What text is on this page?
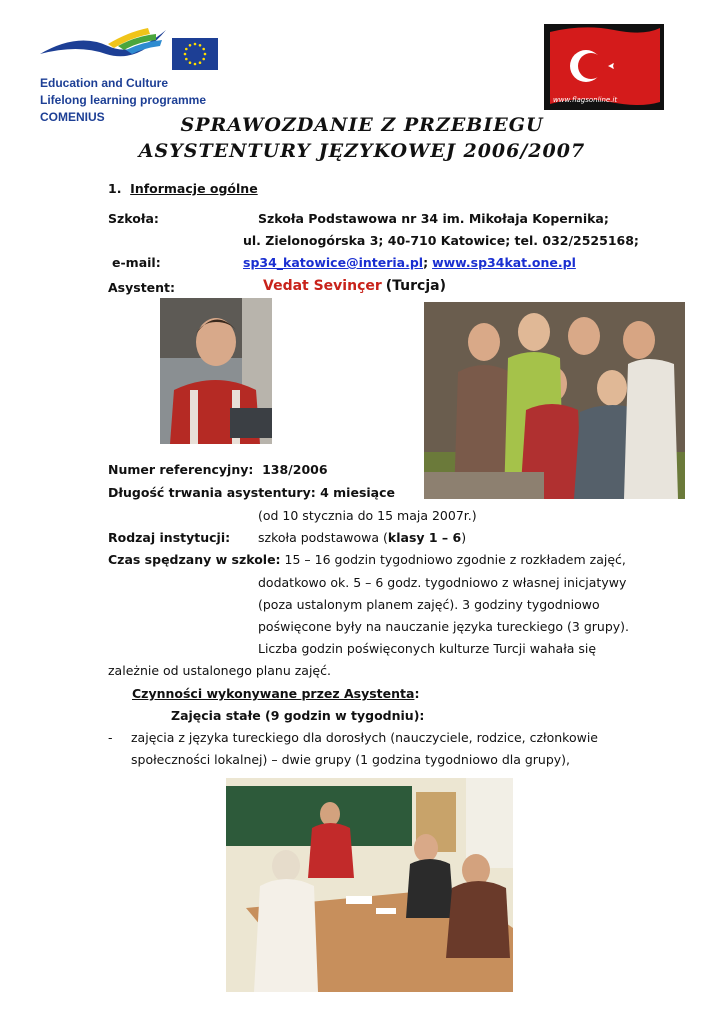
Education and Culture
Lifelong learning programme
COMENIUS
www.flagsonline.it
SPRAWOZDANIE Z PRZEBIEGU
ASYSTENTURY JĘZYKOWEJ 2006/2007
1. Informacje ogólne
Szkoła:	Szkoła Podstawowa nr 34 im. Mikołaja Kopernika;
ul. Zielonogórska 3; 40-710 Katowice; tel. 032/2525168;
e-mail:	sp34_katowice@interia.pl; www.sp34kat.one.pl
Asystent:	Vedat Sevinçer (Turcja)
Numer referencyjny: 138/2006
Długość trwania asystentury: 4 miesiące
(od 10 stycznia do 15 maja 2007r.)
Rodzaj instytucji: szkoła podstawowa (klasy 1 – 6)
Czas spędzany w szkole: 15 – 16 godzin tygodniowo zgodnie z rozkładem zajęć,
dodatkowo ok. 5 – 6 godz. tygodniowo z własnej inicjatywy
(poza ustalonym planem zajęć). 3 godziny tygodniowo
poświęcone były na nauczanie języka tureckiego (3 grupy).
Liczba godzin poświęconych kulturze Turcji wahała się
zależnie od ustalonego planu zajęć.
Czynności wykonywane przez Asystenta:
Zajęcia stałe (9 godzin w tygodniu):
- zajęcia z języka tureckiego dla dorosłych (nauczyciele, rodzice, członkowie
społeczności lokalnej) – dwie grupy (1 godzina tygodniowo dla grupy),
